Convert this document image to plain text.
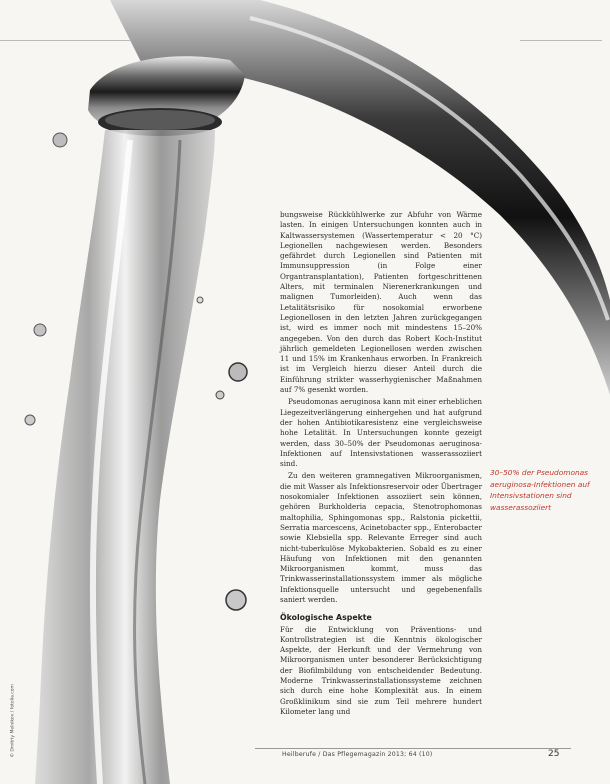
bungsweise Rückkühlwerke zur Abfuhr von Wärme lasten. In einigen Untersuchungen konnten auch in Kaltwassersystemen (Wassertemperatur < 20 °C) Legionellen nachgewiesen werden. Besonders gefährdet durch Legionellen sind Patienten mit Immunsuppression (in Folge einer Organtransplantation), Patienten fortgeschrittenen Alters, mit terminalen Nierenerkrankungen und malignen Tumorleiden). Auch wenn das Letalitätsrisiko für nosokomial erworbene Legionellosen in den letzten Jahren zurückgegangen ist, wird es immer noch mit mindestens 15–20% angegeben. Von den durch das Robert Koch-Institut jährlich gemeldeten Legionellosen werden zwischen 11 und 15% im Krankenhaus erworben. In Frankreich ist im Vergleich hierzu dieser Anteil durch die Einführung strikter wasserhygienischer Maßnahmen auf 7% gesenkt worden.

Pseudomonas aeruginosa kann mit einer erheblichen Liegezeitverlängerung einhergehen und hat aufgrund der hohen Antibiotikaresistenz eine vergleichsweise hohe Letalität. In Untersuchungen konnte gezeigt werden, dass 30–50% der Pseudomonas aeruginosa-Infektionen auf Intensivstationen wasserassoziiert sind.

Zu den weiteren gramnegativen Mikroorganismen, die mit Wasser als Infektionsreservoir oder Übertrager nosokomialer Infektionen assoziiert sein können, gehören Burkholderia cepacia, Stenotrophomonas maltophilia, Sphingomonas spp., Ralstonia pickettii, Serratia marcescens, Acinetobacter spp., Enterobacter sowie Klebsiella spp. Relevante Erreger sind auch nicht-tuberkulöse Mykobakterien. Sobald es zu einer Häufung von Infektionen mit den genannten Mikroorganismen kommt, muss das Trinkwasserinstallationssystem immer als mögliche Infektionsquelle untersucht und gegebenenfalls saniert werden.

Ökologische Aspekte

Für die Entwicklung von Präventions- und Kontrollstrategien ist die Kenntnis ökologischer Aspekte, der Herkunft und der Vermehrung von Mikroorganismen unter besonderer Berücksichtigung der Biofilmbildung von entscheidender Bedeutung. Moderne Trinkwasserinstallationssysteme zeichnen sich durch eine hohe Komplexität aus. In einem Großklinikum sind sie zum Teil mehrere hundert Kilometer lang und

30–50% der Pseudomonas aeruginosa-Infektionen auf Intensivstationen sind wasserassoziiert
© Dmitriy Melnikov / fotolia.com	Heilberufe / Das Pflegemagazin 2013; 64 (10)	25
